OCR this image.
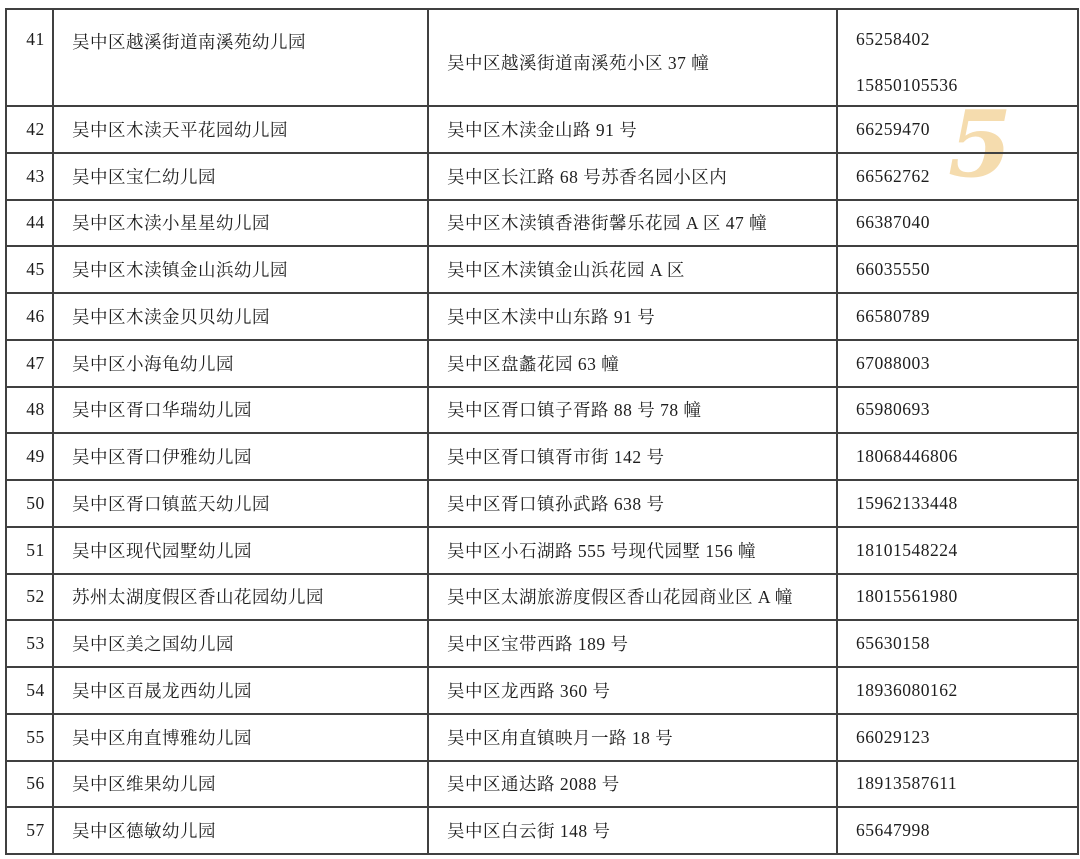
5
41	吴中区越溪街道南溪苑幼儿园	吴中区越溪街道南溪苑小区 37 幢	65258402
15850105536

42	吴中区木渎天平花园幼儿园	吴中区木渎金山路 91 号	66259470

43	吴中区宝仁幼儿园	吴中区长江路 68 号苏香名园小区内	66562762

44	吴中区木渎小星星幼儿园	吴中区木渎镇香港街馨乐花园 A 区 47 幢	66387040

45	吴中区木渎镇金山浜幼儿园	吴中区木渎镇金山浜花园 A 区	66035550

46	吴中区木渎金贝贝幼儿园	吴中区木渎中山东路 91 号	66580789

47	吴中区小海龟幼儿园	吴中区盘蠡花园 63 幢	67088003

48	吴中区胥口华瑞幼儿园	吴中区胥口镇子胥路 88 号 78 幢	65980693

49	吴中区胥口伊雅幼儿园	吴中区胥口镇胥市街 142 号	18068446806

50	吴中区胥口镇蓝天幼儿园	吴中区胥口镇孙武路 638 号	15962133448

51	吴中区现代园墅幼儿园	吴中区小石湖路 555 号现代园墅 156 幢	18101548224

52	苏州太湖度假区香山花园幼儿园	吴中区太湖旅游度假区香山花园商业区 A 幢	18015561980

53	吴中区美之国幼儿园	吴中区宝带西路 189 号	65630158

54	吴中区百晟龙西幼儿园	吴中区龙西路 360 号	18936080162

55	吴中区甪直博雅幼儿园	吴中区甪直镇映月一路 18 号	66029123

56	吴中区维果幼儿园	吴中区通达路 2088 号	18913587611

57	吴中区德敏幼儿园	吴中区白云街 148 号	65647998
